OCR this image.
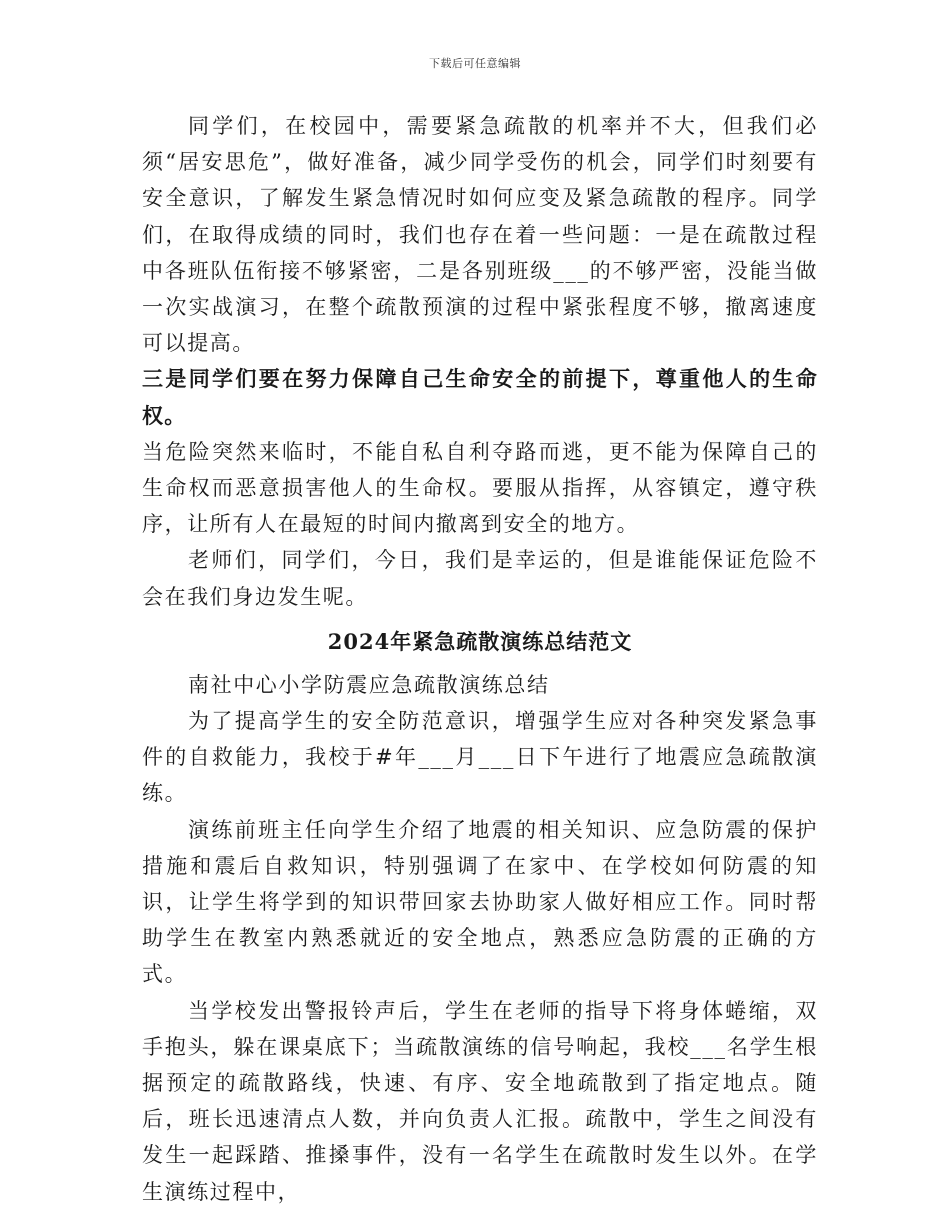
下载后可任意编辑

同学们，在校园中，需要紧急疏散的机率并不大，但我们必须“居安思危”，做好准备，减少同学受伤的机会，同学们时刻要有安全意识，了解发生紧急情况时如何应变及紧急疏散的程序。同学们，在取得成绩的同时，我们也存在着一些问题：一是在疏散过程中各班队伍衔接不够紧密，二是各别班级___的不够严密，没能当做一次实战演习，在整个疏散预演的过程中紧张程度不够，撤离速度可以提高。

三是同学们要在努力保障自己生命安全的前提下，尊重他人的生命权。

当危险突然来临时，不能自私自利夺路而逃，更不能为保障自己的生命权而恶意损害他人的生命权。要服从指挥，从容镇定，遵守秩序，让所有人在最短的时间内撤离到安全的地方。

老师们，同学们，今日，我们是幸运的，但是谁能保证危险不会在我们身边发生呢。

2024年紧急疏散演练总结范文

南社中心小学防震应急疏散演练总结

为了提高学生的安全防范意识，增强学生应对各种突发紧急事件的自救能力，我校于#年___月___日下午进行了地震应急疏散演练。

演练前班主任向学生介绍了地震的相关知识、应急防震的保护措施和震后自救知识，特别强调了在家中、在学校如何防震的知识，让学生将学到的知识带回家去协助家人做好相应工作。同时帮助学生在教室内熟悉就近的安全地点，熟悉应急防震的正确的方式。

当学校发出警报铃声后，学生在老师的指导下将身体蜷缩，双手抱头，躲在课桌底下；当疏散演练的信号响起，我校___名学生根据预定的疏散路线，快速、有序、安全地疏散到了指定地点。随后，班长迅速清点人数，并向负责人汇报。疏散中，学生之间没有发生一起踩踏、推搡事件，没有一名学生在疏散时发生以外。在学生演练过程中，
